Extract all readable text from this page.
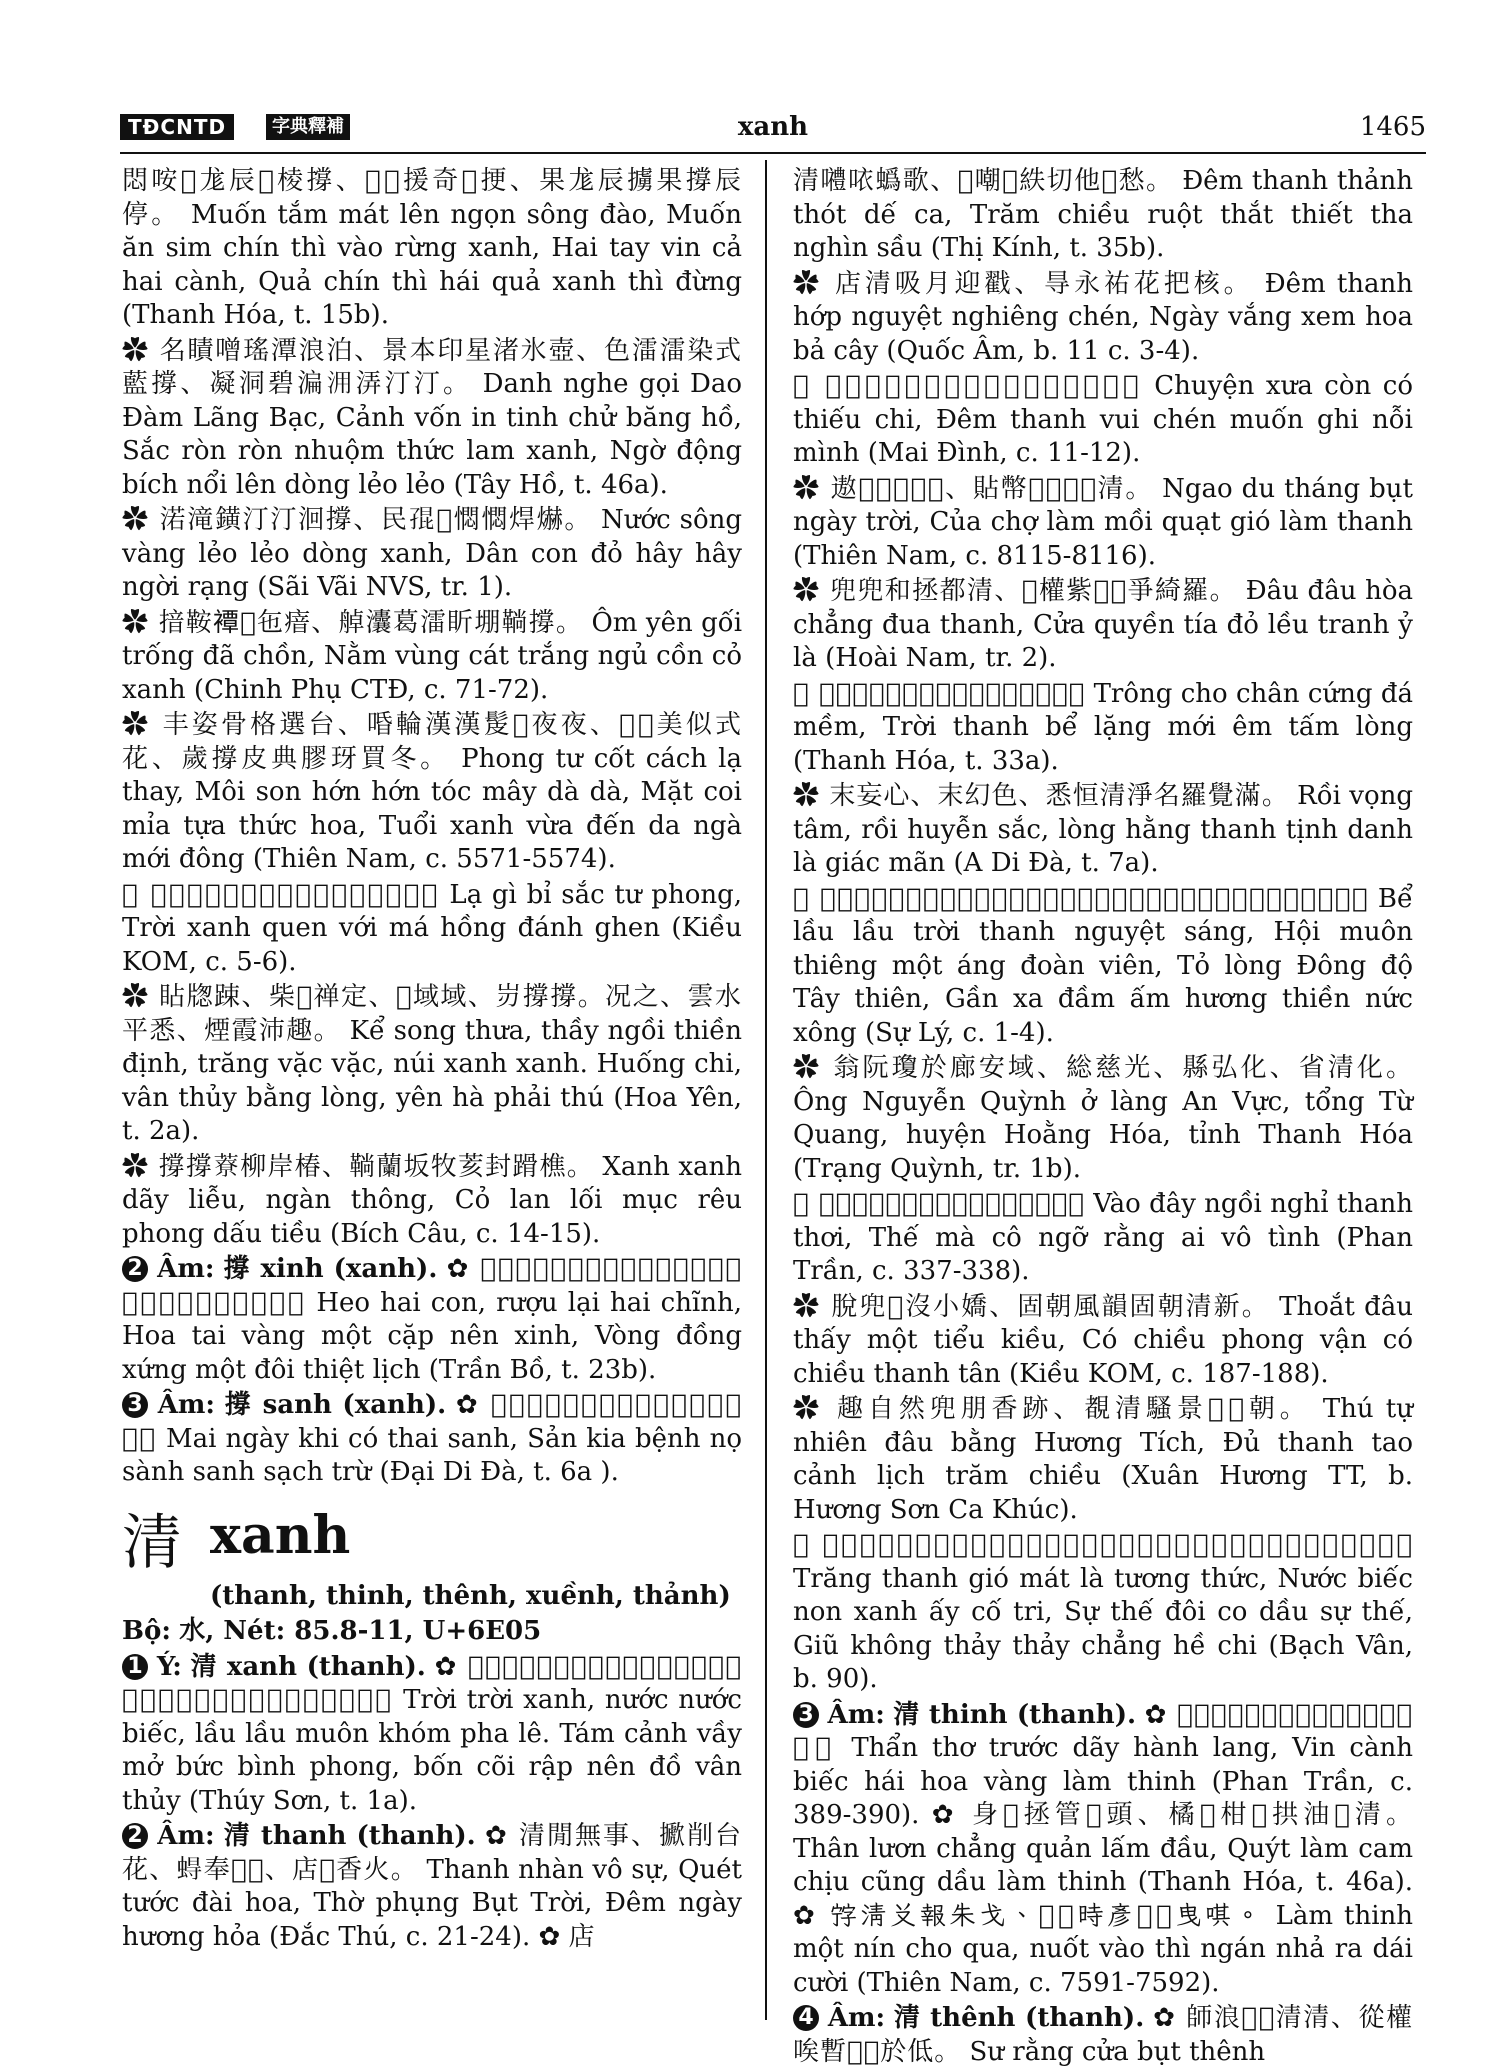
TĐCNTD	字典釋補	xanh	1465
悶咹𥟉尨辰𠢞棱撐、𨁮𥐆援奇𨁮挭、果尨辰擄果撐辰停。 Muốn tắm mát lên ngọn sông đào, Muốn ăn sim chín thì vào rừng xanh, Hai tay vin cả hai cành, Quả chín thì hái quả xanh thì đừng (Thanh Hóa, t. 15b).
✿ 名瞔噌瑤潭浪泊、景本印星渚氷壺、色㵢㵢染式藍撐、凝洞碧㴜𣳔㳥汀汀。 Danh nghe gọi Dao Đàm Lãng Bạc, Cảnh vốn in tinh chử băng hồ, Sắc ròn ròn nhuộm thức lam xanh, Ngờ động bích nổi lên dòng lẻo lẻo (Tây Hồ, t. 46a).
✿ 渃滝鐄汀汀洄撐、民𡥵𧹻㦖㦖焊爀。 Nước sông vàng lẻo lẻo dòng xanh, Dân con đỏ hây hây ngời rạng (Sãi Vãi NVS, tr. 1).
✿ 揞鞍𧝓𧁷㐌瘖、䑲灢葛㵢盺堋鞝撐。 Ôm yên gối trống đã chồn, Nằm vùng cát trắng ngủ cồn cỏ xanh (Chinh Phụ CTĐ, c. 71-72).
✿ 丰姿骨格選台、㖧輪漢漢髲𨖲夜夜、𦖑𥈶美似式花、歲撐皮典膠玡買冬。 Phong tư cốt cách lạ thay, Môi son hớn hớn tóc mây dà dà, Mặt coi mỉa tựa thức hoa, Tuổi xanh vừa đến da ngà mới đông (Thiên Nam, c. 5571-5574).
✿ 𠳨咦彼嗇斯豊、𡗶撐悄貝腮紅打慳。 Lạ gì bỉ sắc tư phong, Trời xanh quen với má hồng đánh ghen (Kiều KOM, c. 5-6).
✿ 䀡牎踈、柴𡝕禅定、𣎃域域、岃撐撐。况之、雲水平悉、煙霞沛趣。 Kể song thưa, thầy ngồi thiền định, trăng vặc vặc, núi xanh xanh. Huống chi, vân thủy bằng lòng, yên hà phải thú (Hoa Yên, t. 2a).
✿ 撐撐𦼔柳岸椿、鞝蘭坂牧荄封𨃴樵。 Xanh xanh dãy liễu, ngàn thông, Cỏ lan lối mục rêu phong dấu tiều (Bích Câu, c. 14-15).
2 Âm: 撐 xinh (xanh). ✿ 𤞻𨁮𡥵、𨢇吏𨁮埕、花聰鐄㝵扱铖撐、鈓銅稱㝵堆實歷。 Heo hai con, rượu lại hai chĩnh, Hoa tai vàng một cặp nên xinh, Vòng đồng xứng một đôi thiệt lịch (Trần Bồ, t. 23b).
3 Âm: 撐 sanh (xanh). ✿ 𣈕𣈜欺固胎生、產箕病怒硭撐瀝除。 Mai ngày khi có thai sanh, Sản kia bệnh nọ sành sanh sạch trừ (Đại Di Đà, t. 6a ).
清 xanh
(thanh, thinh, thênh, xuềnh, thảnh)
Bộ: 水, Nét: 85.8-11, U+6E05
1 Ý: 清 xanh (thanh). ✿ 𡗶𡗶清、渃渃碧、漏漏閃茯坡黎、𢯏景圍𦑃幅屏風、𥱬𡍚泣铖囚雲水。 Trời trời xanh, nước nước biếc, lầu lầu muôn khóm pha lê. Tám cảnh vầy mở bức bình phong, bốn cõi rập nên đồ vân thủy (Thúy Sơn, t. 1a).
2 Âm: 清 thanh (thanh). ✿ 清閒無事、擨削台花、𧍋奉𡍚𡗶、店𣈜香火。 Thanh nhàn vô sự, Quét tước đài hoa, Thờ phụng Bụt Trời, Đêm ngày hương hỏa (Đắc Thú, c. 21-24). ✿ 店
清𡅏𠲖蟡歌、𢆥嘲𦜞紩切他𢗼愁。 Đêm thanh thảnh thót dế ca, Trăm chiều ruột thắt thiết tha nghìn sầu (Thị Kính, t. 35b).
✿ 店清吸月迎戳、㝵永祐花把核。 Đêm thanh hớp nguyệt nghiêng chén, Ngày vắng xem hoa bả cây (Quốc Âm, b. 11 c. 3-4).
✿ 𡂂𢘾群固少之、𣈜清𢝙戳悶筘内𨉟。 Chuyện xưa còn có thiếu chi, Đêm thanh vui chén muốn ghi nỗi mình (Mai Đình, c. 11-12).
✿ 遨𨀈𦟐𡍚𣈜𡗶、貼幣𡨸𦝄𪀄𠫾清。 Ngao du tháng bụt ngày trời, Của chợ làm mồi quạt gió làm thanh (Thiên Nam, c. 8115-8116).
✿ 兜兜和拯都清、𨷑權紫𧺀𦺓爭綺羅。 Đâu đâu hòa chẳng đua thanh, Cửa quyền tía đỏ lều tranh ỷ là (Hoài Nam, tr. 2).
✿ 𥉫朱𩠱勁𥑥鍛、𡗶清㵢𣷷買淹𦙯悉。 Trông cho chân cứng đá mềm, Trời thanh bể lặng mới êm tấm lòng (Thanh Hóa, t. 33a).
✿ 末妄心、末幻色、悉恒清淨名羅覺滿。 Rồi vọng tâm, rồi huyễn sắc, lòng hằng thanh tịnh danh là giác mãn (A Di Đà, t. 7a).
✿ 𣷷漏漏𡗶清月朗、會悶𠋥沒盎團圓、㸃悉東土西天、𧵑𥋳潭𤏬香禪𠺵衝。 Bể lầu lầu trời thanh nguyệt sáng, Hội muôn thiêng một áng đoàn viên, Tỏ lòng Đông độ Tây thiên, Gần xa đầm ấm hương thiền nức xông (Sự Lý, c. 1-4).
✿ 翁阮瓊於廊安域、総慈光、縣弘化、省清化。 Ông Nguyễn Quỳnh ở làng An Vực, tổng Từ Quang, huyện Hoằng Hóa, tỉnh Thanh Hóa (Trạng Quỳnh, tr. 1b).
✿ 𠢞低𢓡𢜝清台、𡏧麻姑語浪埃無情。 Vào đây ngồi nghỉ thanh thơi, Thế mà cô ngỡ rằng ai vô tình (Phan Trần, c. 337-338).
✿ 脫兜𧡊沒小嬌、固朝風韻固朝清新。 Thoắt đâu thấy một tiểu kiều, Có chiều phong vận có chiều thanh tân (Kiều KOM, c. 187-188).
✿ 趣自然兜朋香跡、覩清騷景𪽝𢆥朝。 Thú tự nhiên đâu bằng Hương Tích, Đủ thanh tao cảnh lịch trăm chiều (Xuân Hương TT, b. Hương Sơn Ca Khúc).
✿ 𣎃清𩙍沫羅相訖、渃碧𡮈青意故知、事世堆孤油事世、擨空汰汰拯兮之。 Trăng thanh gió mát là tương thức, Nước biếc non xanh ấy cố tri, Sự thế đôi co dầu sự thế, Giũ không thảy thảy chẳng hề chi (Bạch Vân, b. 90).
3 Âm: 清 thinh (thanh). ✿ 𥢆踈𨋤𠰺行廊、援梗碧擄花鐄𡨸清。 Thẩn thơ trước dãy hành lang, Vin cành biếc hái hoa vàng làm thinh (Phan Trần, c. 389-390). ✿ 身𧎠拯管𡏥頭、橘𡨸柑𡗶拱油𡨸清。 Thân lươn chẳng quản lấm đầu, Quýt làm cam chịu cũng dầu làm thinh (Thanh Hóa, t. 46a). ✿ 𡨸清𠬠報朱戈、𠹾𠢞時彥𠰘𥿗曳唭。 Làm thinh một nín cho qua, nuốt vào thì ngán nhả ra dái cười (Thiên Nam, c. 7591-7592).
4 Âm: 清 thênh (thanh). ✿ 師浪𨷑𡍚清清、從權唉暫𢫝𨉟於低。 Sư rằng cửa bụt thênh
